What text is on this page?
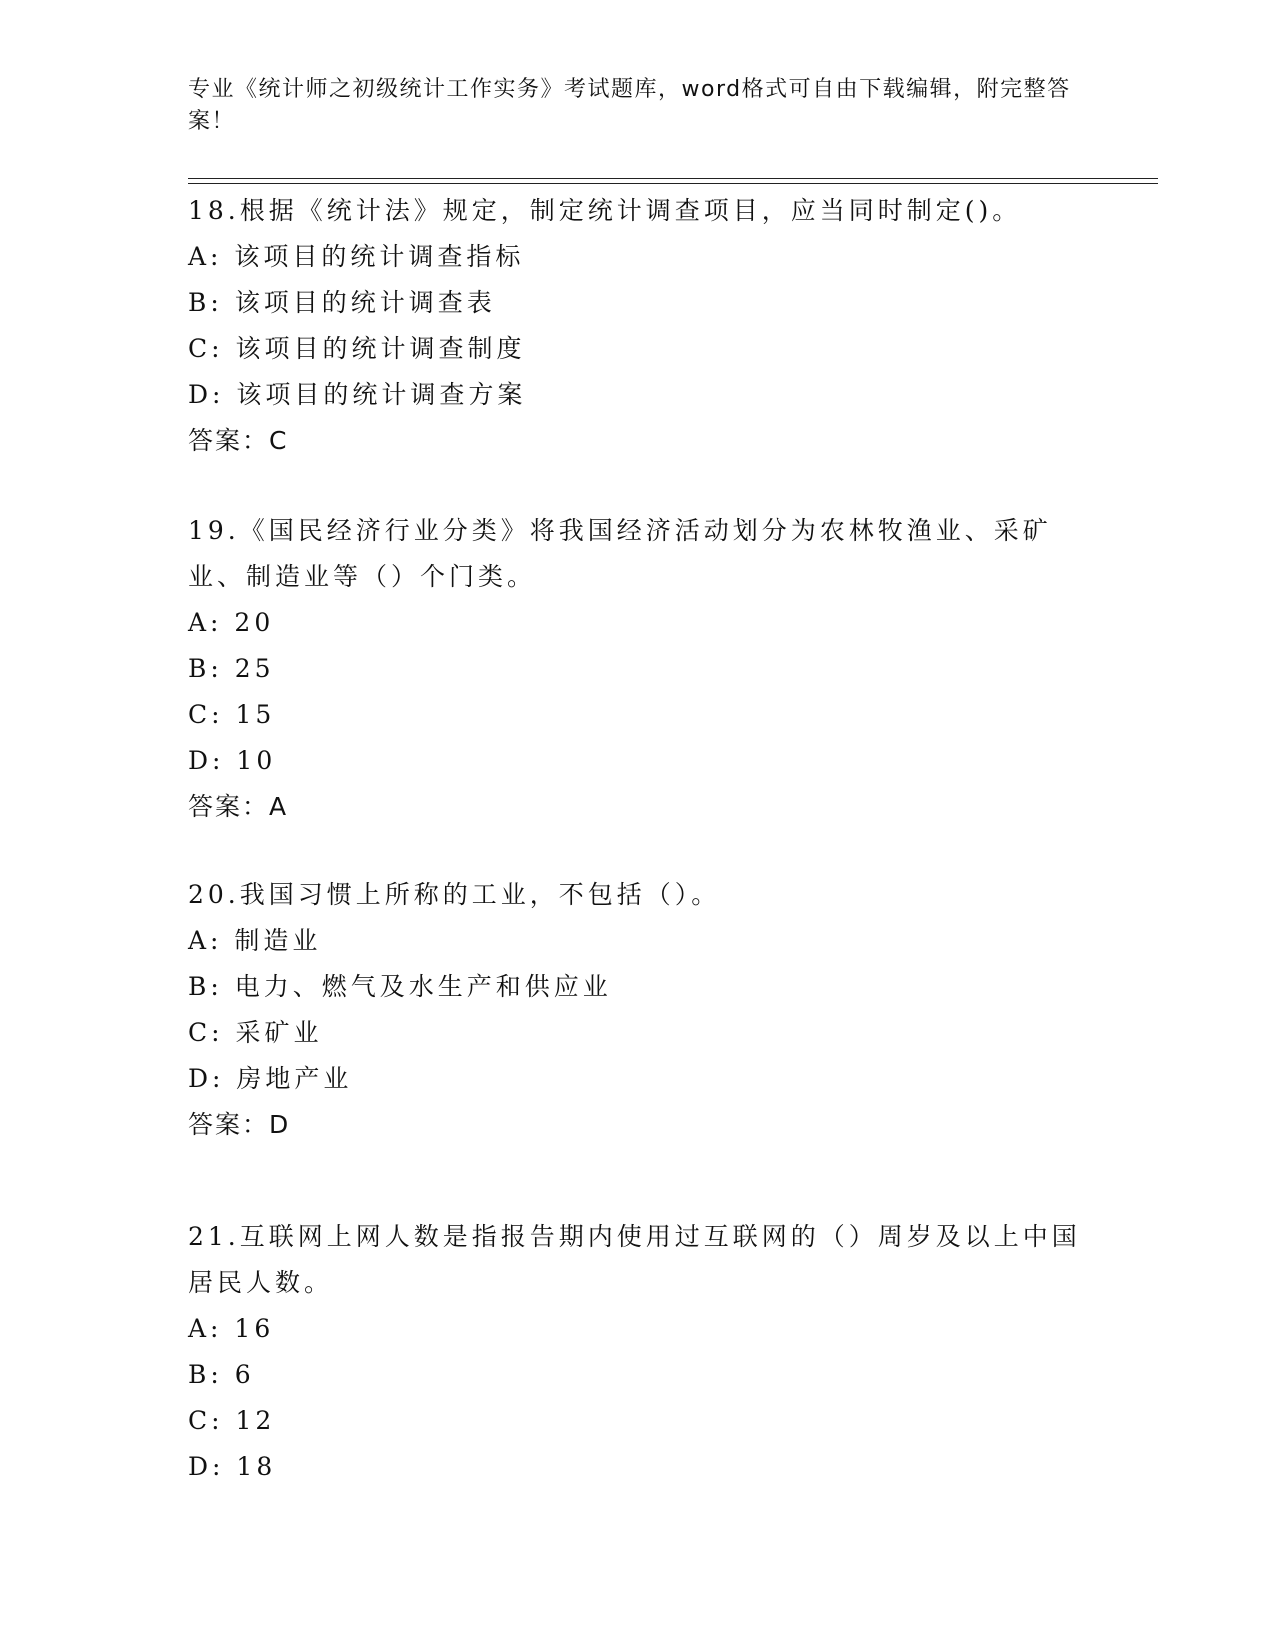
专业《统计师之初级统计工作实务》考试题库，word格式可自由下载编辑，附完整答案！
18.根据《统计法》规定，制定统计调查项目，应当同时制定()。
A: 该项目的统计调查指标
B: 该项目的统计调查表
C: 该项目的统计调查制度
D: 该项目的统计调查方案
答案：C
19.《国民经济行业分类》将我国经济活动划分为农林牧渔业、采矿业、制造业等（）个门类。
A: 20
B: 25
C: 15
D: 10
答案：A
20.我国习惯上所称的工业，不包括（）。
A: 制造业
B: 电力、燃气及水生产和供应业
C: 采矿业
D: 房地产业
答案：D
21.互联网上网人数是指报告期内使用过互联网的（）周岁及以上中国居民人数。
A: 16
B: 6
C: 12
D: 18
